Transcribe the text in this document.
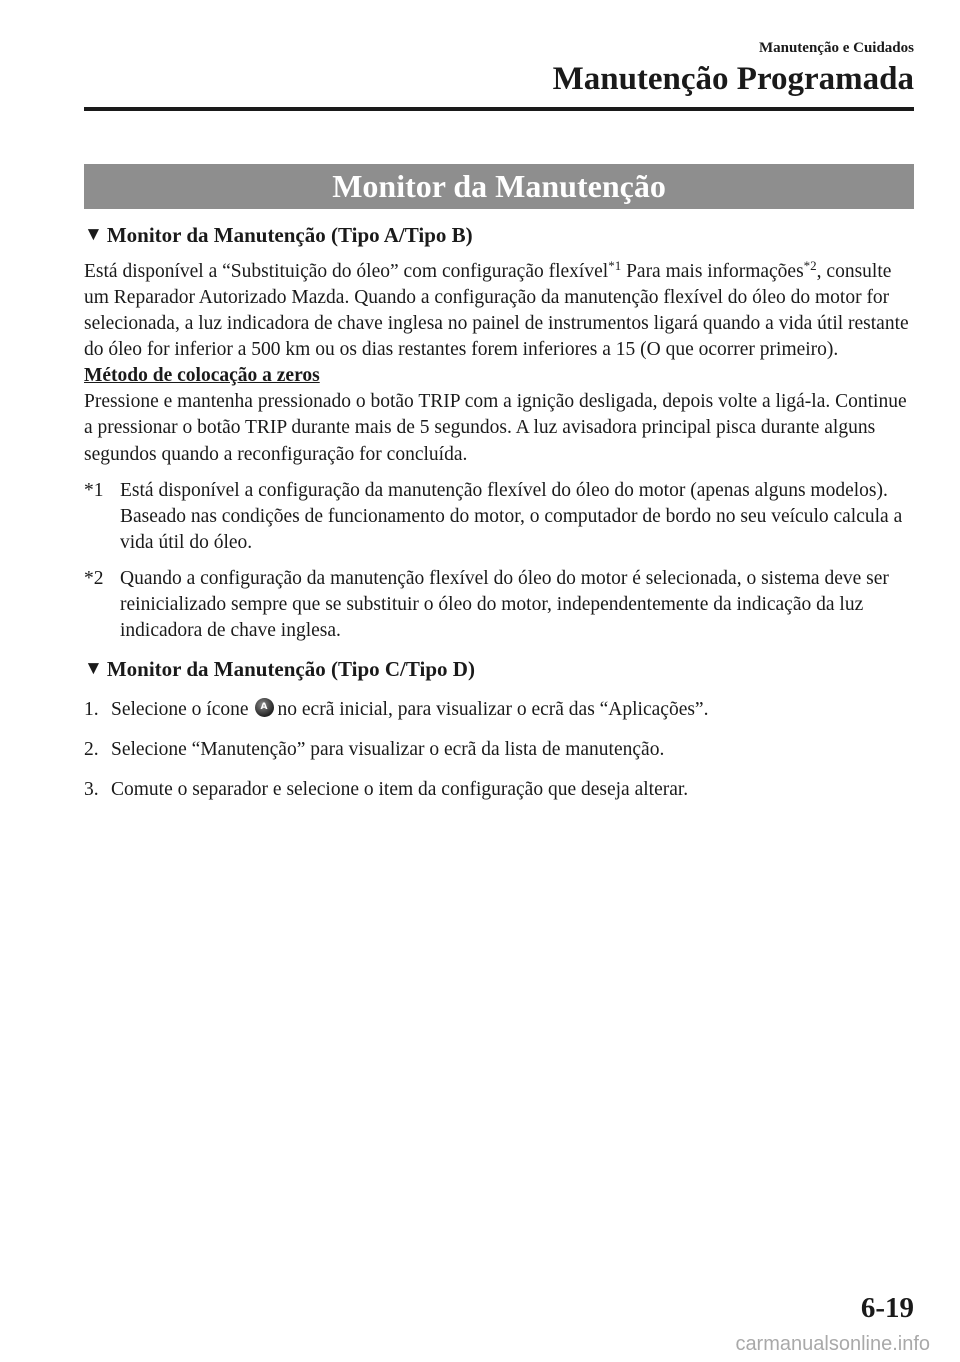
Manutenção e Cuidados
Manutenção Programada
Monitor da Manutenção
▼ Monitor da Manutenção (Tipo A/Tipo B)

Está disponível a “Substituição do óleo” com configuração flexível$^{*1}$ Para mais informações$^{*2}$, consulte um Reparador Autorizado Mazda. Quando a configuração da manutenção flexível do óleo do motor for selecionada, a luz indicadora de chave inglesa no painel de instrumentos ligará quando a vida útil restante do óleo for inferior a 500 km ou os dias restantes forem inferiores a 15 (O que ocorrer primeiro).

Método de colocação a zeros

Pressione e mantenha pressionado o botão TRIP com a ignição desligada, depois volte a ligá-la. Continue a pressionar o botão TRIP durante mais de 5 segundos. A luz avisadora principal pisca durante alguns segundos quando a reconfiguração for concluída.

*1 Está disponível a configuração da manutenção flexível do óleo do motor (apenas alguns modelos). Baseado nas condições de funcionamento do motor, o computador de bordo no seu veículo calcula a vida útil do óleo.
*2 Quando a configuração da manutenção flexível do óleo do motor é selecionada, o sistema deve ser reinicializado sempre que se substituir o óleo do motor, independentemente da indicação da luz indicadora de chave inglesa.
▼ Monitor da Manutenção (Tipo C/Tipo D)
1. Selecione o ícone A no ecrã inicial, para visualizar o ecrã das “Aplicações”.
2. Selecione “Manutenção” para visualizar o ecrã da lista de manutenção.
3. Comute o separador e selecione o item da configuração que deseja alterar.
6-19
carmanualsonline.info
